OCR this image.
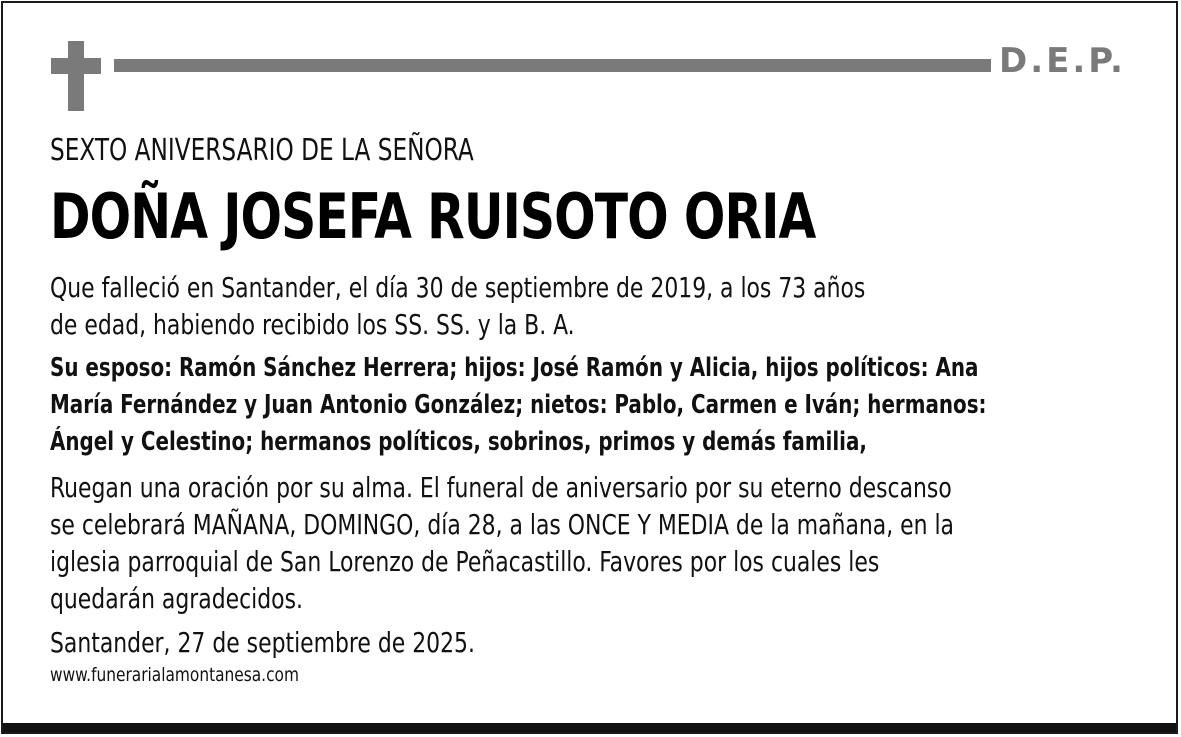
D.E.P.
SEXTO ANIVERSARIO DE LA SEÑORA
DOÑA JOSEFA RUISOTO ORIA
Que falleció en Santander, el día 30 de septiembre de 2019, a los 73 años
de edad, habiendo recibido los SS. SS. y la B. A.
Su esposo: Ramón Sánchez Herrera; hijos: José Ramón y Alicia, hijos políticos: Ana
María Fernández y Juan Antonio González; nietos: Pablo, Carmen e Iván; hermanos:
Ángel y Celestino; hermanos políticos, sobrinos, primos y demás familia,
Ruegan una oración por su alma. El funeral de aniversario por su eterno descanso
se celebrará MAÑANA, DOMINGO, día 28, a las ONCE Y MEDIA de la mañana, en la
iglesia parroquial de San Lorenzo de Peñacastillo. Favores por los cuales les
quedarán agradecidos.
Santander, 27 de septiembre de 2025.
www.funerarialamontanesa.com
